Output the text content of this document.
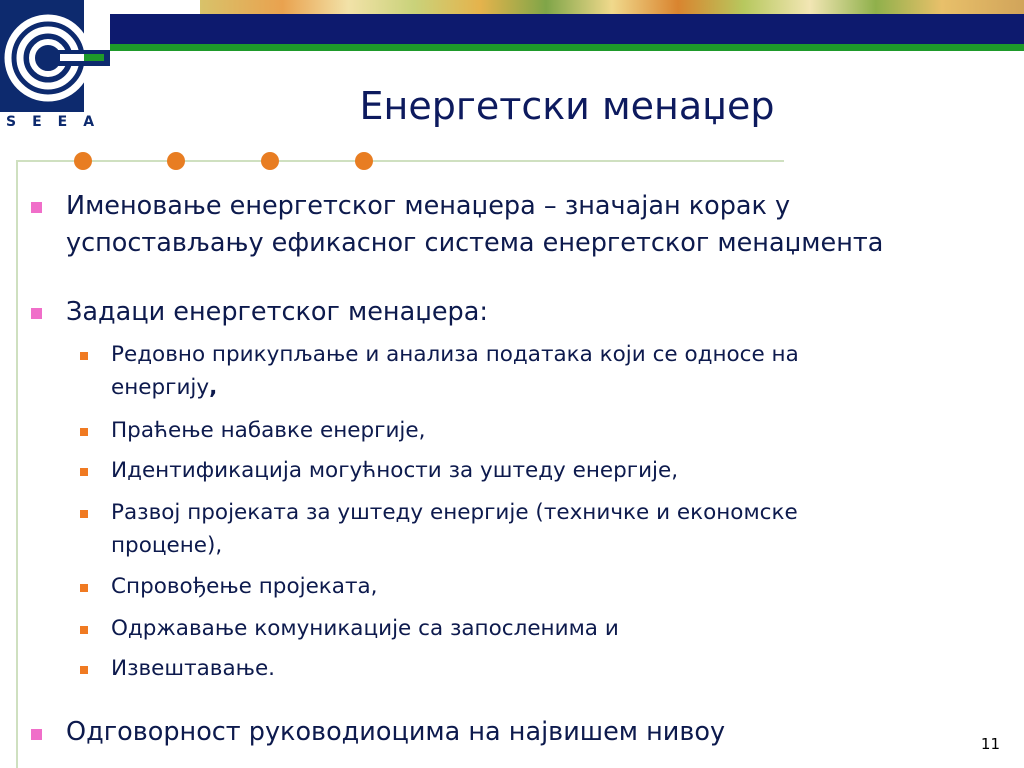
SEEA	Енергетски менаџер
Именовање енергетског менаџера – значајан корак у
успостављању ефикасног система енергетског менаџмента
Задаци енергетског менаџера:
Редовно прикупљање и анализа података који се односе на
енергију,
Праћење набавке енергије,
Идентификација могућности за уштеду енергије,
Развој пројеката за уштеду енергије (техничке и економске
процене),
Спровођење пројеката,
Одржавање комуникације са запосленима и
Извештавање.
Одговорност руководиоцима на највишем нивоу	11
